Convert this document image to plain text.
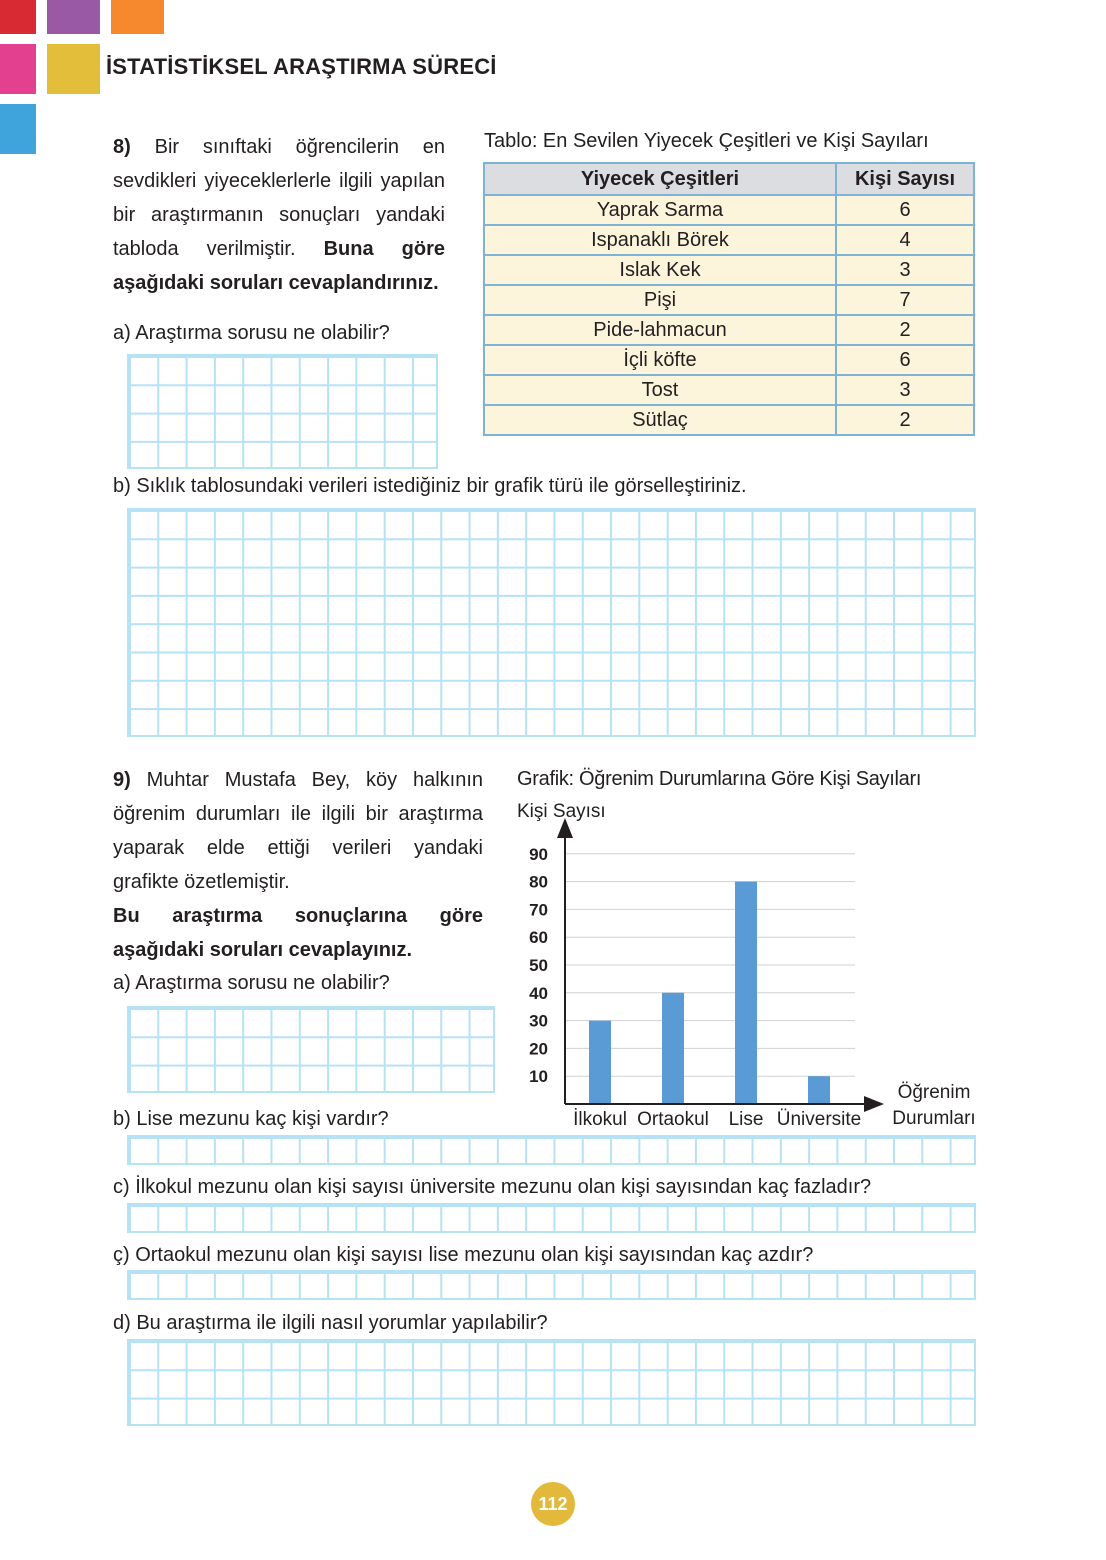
İSTATİSTİKSEL ARAŞTIRMA SÜRECİ
8) Bir sınıftaki öğrencilerin en sevdikleri yiyeceklerlerle ilgili yapılan bir araştırmanın sonuçları yandaki tabloda verilmiştir. Buna göre aşağıdaki soruları cevaplandırınız.
Tablo: En Sevilen Yiyecek Çeşitleri ve Kişi Sayıları
Yiyecek Çeşitleri	Kişi Sayısı
Yaprak Sarma	6
Ispanaklı Börek	4
Islak Kek	3
Pişi	7
Pide-lahmacun	2
İçli köfte	6
Tost	3
Sütlaç	2
a) Araştırma sorusu ne olabilir?
b) Sıklık tablosundaki verileri istediğiniz bir grafik türü ile görselleştiriniz.
9) Muhtar Mustafa Bey, köy halkının öğrenim durumları ile ilgili bir araştırma yaparak elde ettiği verileri yandaki grafikte özetlemiştir.
Bu araştırma sonuçlarına göre aşağıdaki soruları cevaplayınız.
a) Araştırma sorusu ne olabilir?
b) Lise mezunu kaç kişi vardır?
c) İlkokul mezunu olan kişi sayısı üniversite mezunu olan kişi sayısından kaç fazladır?
ç) Ortaokul mezunu olan kişi sayısı lise mezunu olan kişi sayısından kaç azdır?
d) Bu araştırma ile ilgili nasıl yorumlar yapılabilir?
Grafik: Öğrenim Durumlarına Göre Kişi Sayıları
Kişi Sayısı
10
20
30
40
50
60
70
80
90
İlkokul Ortaokul Lise Üniversite
Öğrenim
Durumları
112
